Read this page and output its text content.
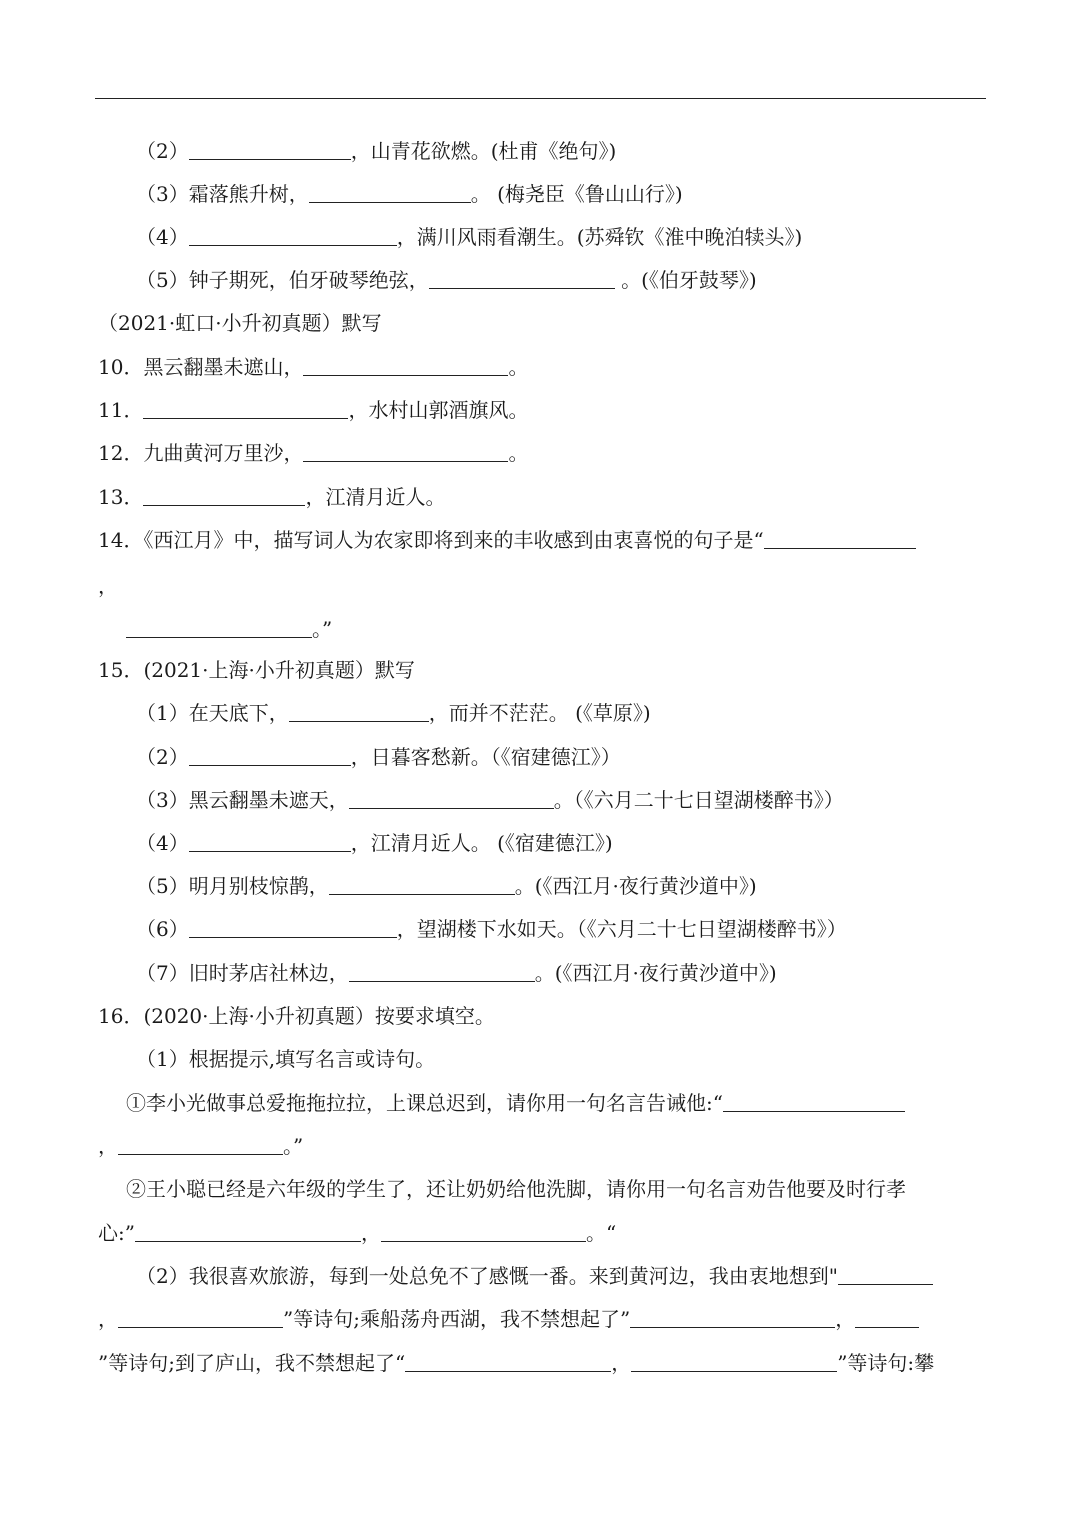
（2）	，山青花欲燃。(杜甫《绝句》)
（3）霜落熊升树，	。 (梅尧臣《鲁山山行》)
（4）	，满川风雨看潮生。(苏舜钦《淮中晚泊犊头》)
（5）钟子期死，伯牙破琴绝弦，	。(《伯牙鼓琴》)
（2021·虹口·小升初真题）默写
10．黑云翻墨未遮山，	。
11．	，水村山郭酒旗风。
12．九曲黄河万里沙，	。
13．	，江清月近人。
14．《西江月》中，描写词人为农家即将到来的丰收感到由衷喜悦的句子是“
，
。”
15．(2021·上海·小升初真题）默写
（1）在天底下，	，而并不茫茫。 (《草原》)
（2）	，日暮客愁新。（《宿建德江》）
（3）黑云翻墨未遮天，	。（《六月二十七日望湖楼醉书》）
（4）	，江清月近人。 (《宿建德江》)
（5）明月别枝惊鹊，	。(《西江月·夜行黄沙道中》)
（6）	，望湖楼下水如天。（《六月二十七日望湖楼醉书》）
（7）旧时茅店社林边，	。(《西江月·夜行黄沙道中》)
16．(2020·上海·小升初真题）按要求填空。
（1）根据提示,填写名言或诗句。
①李小光做事总爱拖拖拉拉，上课总迟到，请你用一句名言告诫他:“
，	。”
②王小聪已经是六年级的学生了，还让奶奶给他洗脚，请你用一句名言劝告他要及时行孝
心:”	，	。“
（2）我很喜欢旅游，每到一处总免不了感慨一番。来到黄河边，我由衷地想到"
，	”等诗句;乘船荡舟西湖，我不禁想起了”	，
”等诗句;到了庐山，我不禁想起了“	，	”等诗句:攀
